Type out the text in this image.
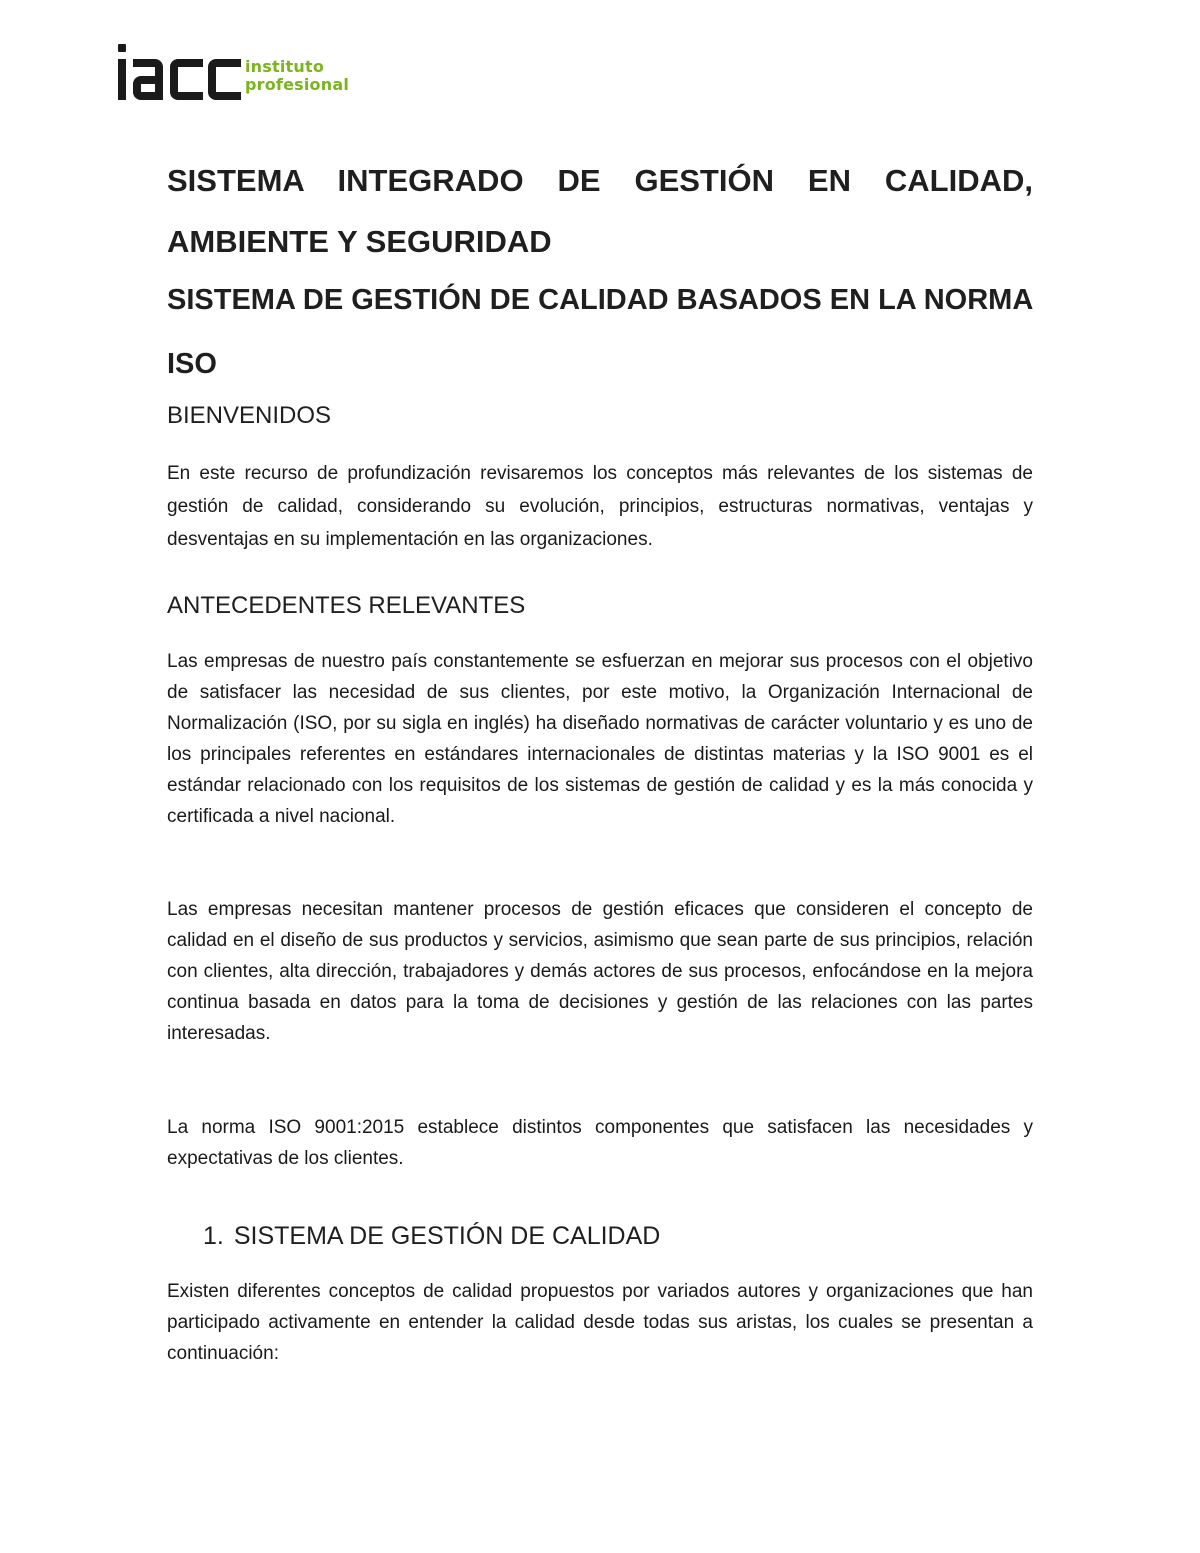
instituto
profesional
SISTEMA INTEGRADO DE GESTIÓN EN CALIDAD,
AMBIENTE Y SEGURIDAD
SISTEMA DE GESTIÓN DE CALIDAD BASADOS EN LA NORMA ISO
BIENVENIDOS
En este recurso de profundización revisaremos los conceptos más relevantes de los sistemas de gestión de calidad, considerando su evolución, principios, estructuras normativas, ventajas y desventajas en su implementación en las organizaciones.
ANTECEDENTES RELEVANTES
Las empresas de nuestro país constantemente se esfuerzan en mejorar sus procesos con el objetivo de satisfacer las necesidad de sus clientes, por este motivo, la Organización Internacional de Normalización (ISO, por su sigla en inglés) ha diseñado normativas de carácter voluntario y es uno de los principales referentes en estándares internacionales de distintas materias y la ISO 9001 es el estándar relacionado con los requisitos de los sistemas de gestión de calidad y es la más conocida y certificada a nivel nacional.
Las empresas necesitan mantener procesos de gestión eficaces que consideren el concepto de calidad en el diseño de sus productos y servicios, asimismo que sean parte de sus principios, relación con clientes, alta dirección, trabajadores y demás actores de sus procesos, enfocándose en la mejora continua basada en datos para la toma de decisiones y gestión de las relaciones con las partes interesadas.
La norma ISO 9001:2015 establece distintos componentes que satisfacen las necesidades y expectativas de los clientes.
1. SISTEMA DE GESTIÓN DE CALIDAD
Existen diferentes conceptos de calidad propuestos por variados autores y organizaciones que han participado activamente en entender la calidad desde todas sus aristas, los cuales se presentan a continuación:
